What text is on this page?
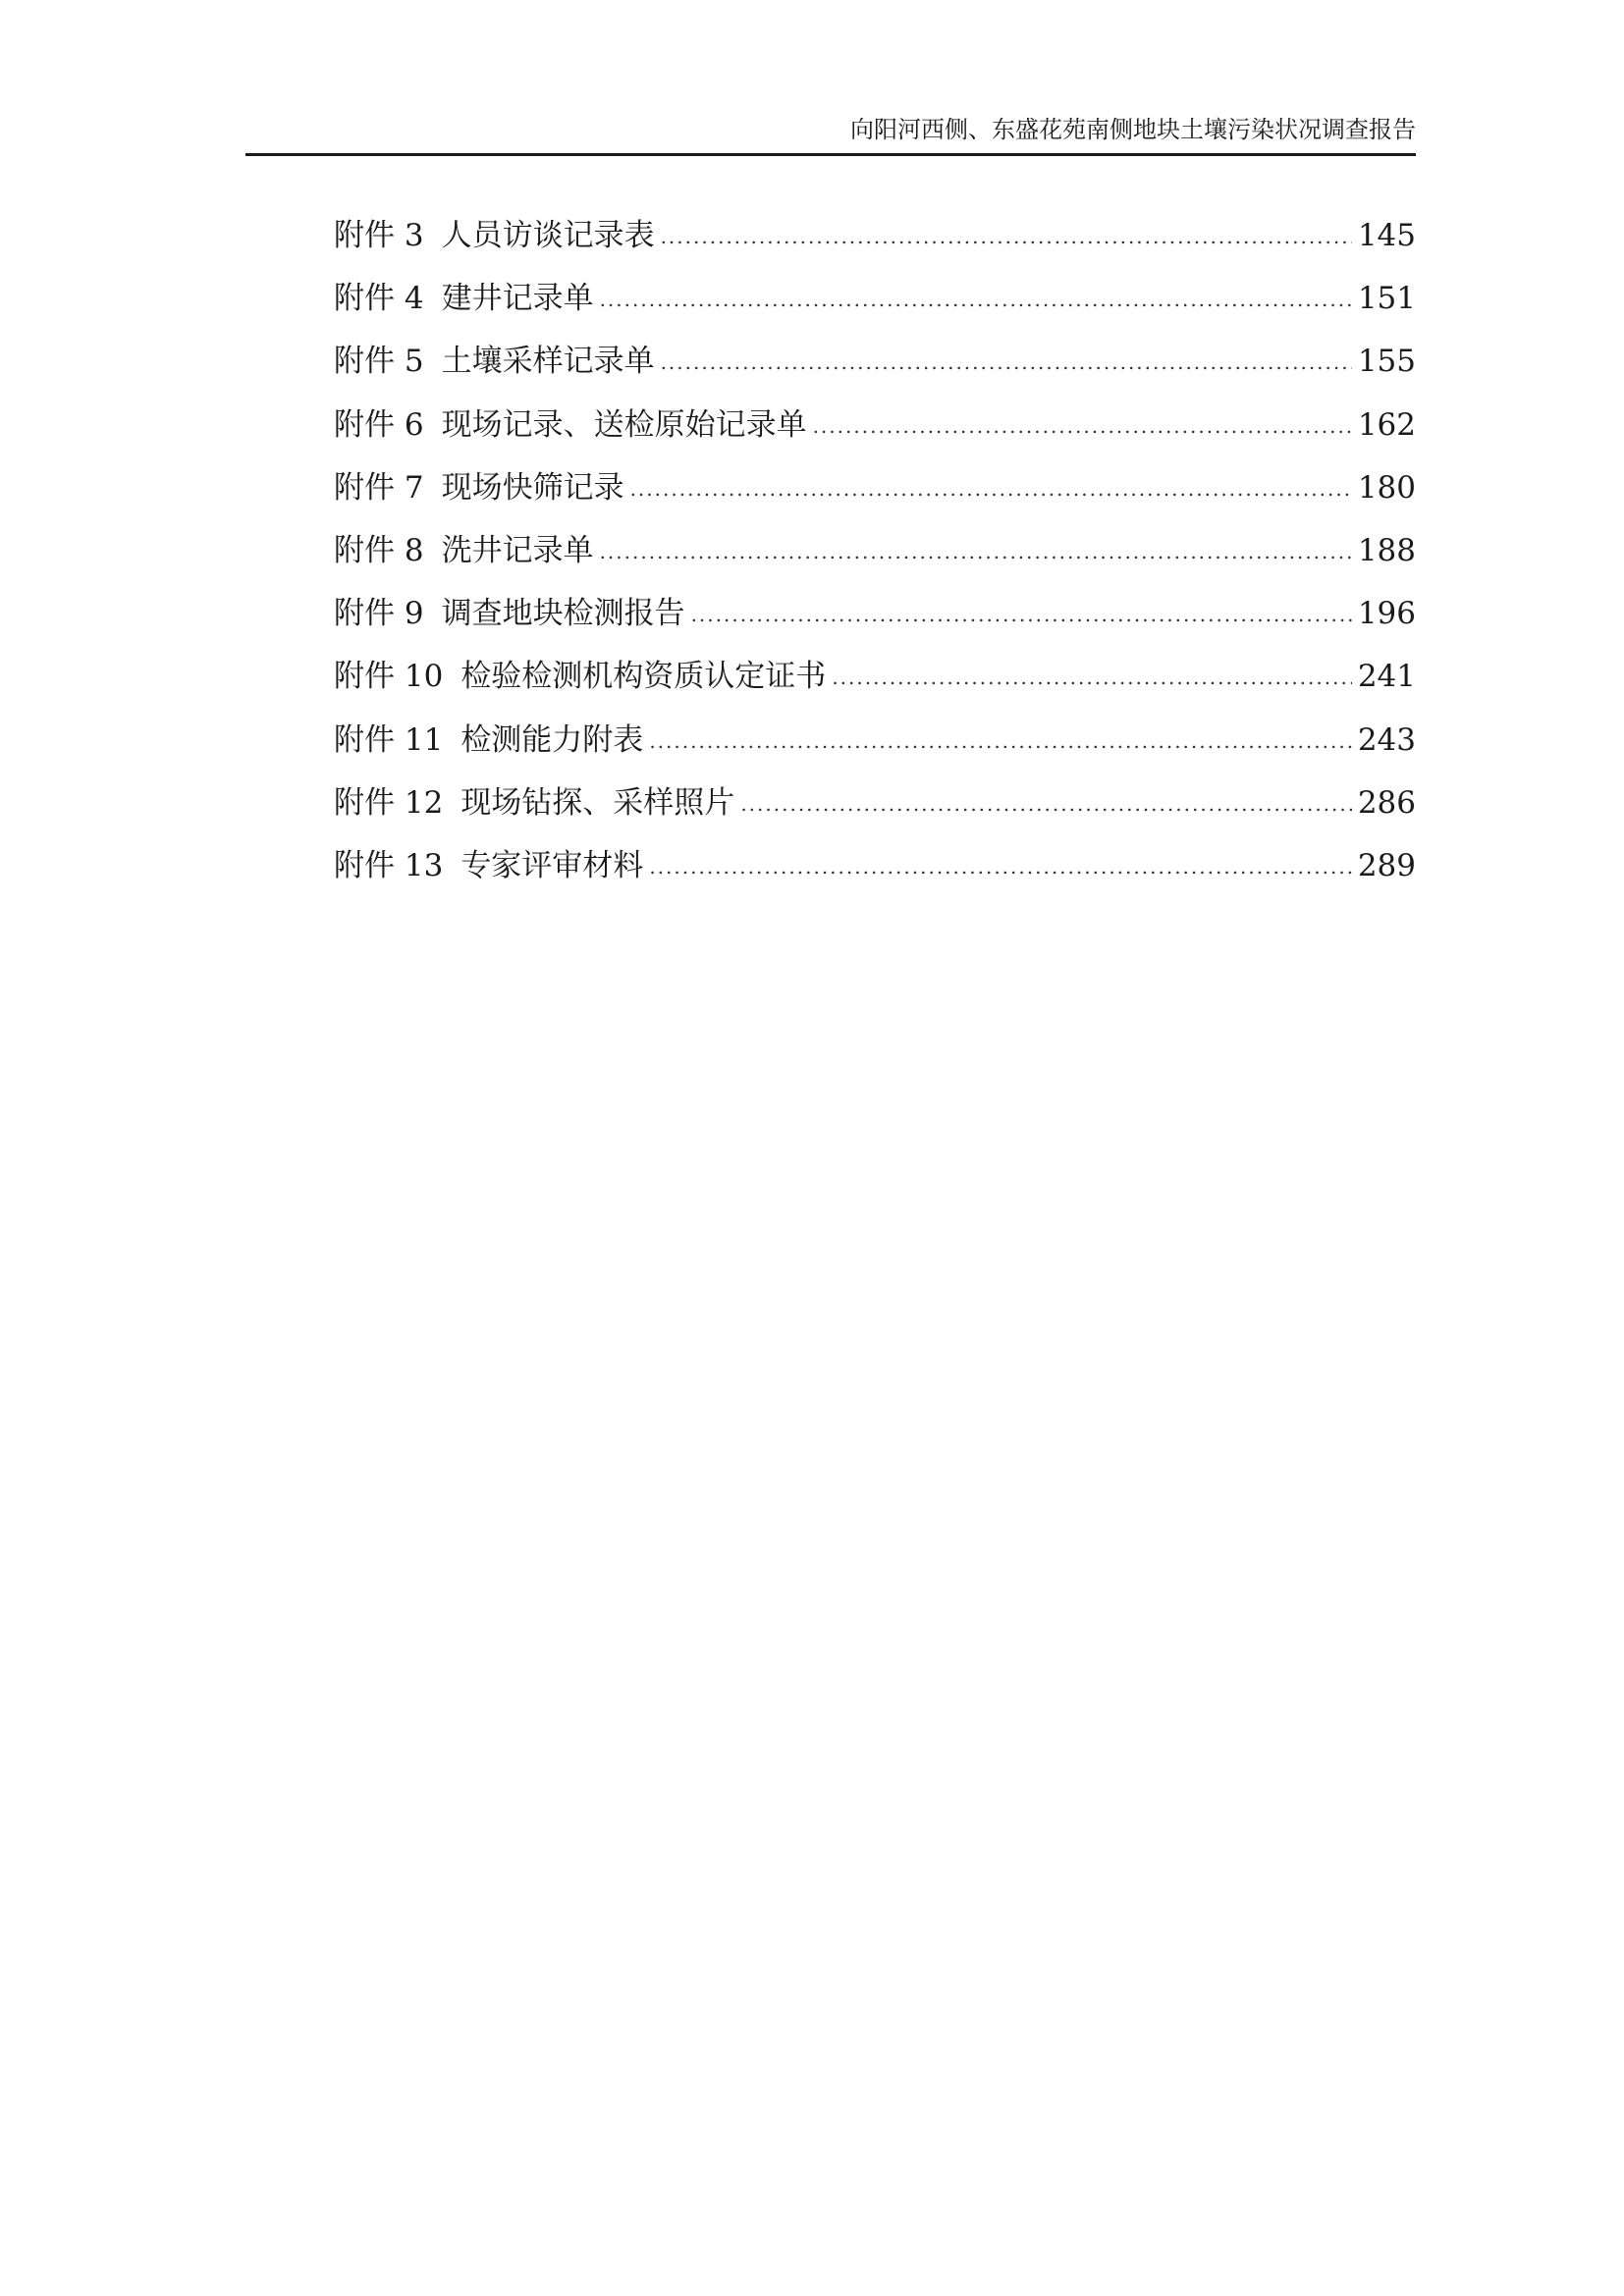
向阳河西侧、东盛花苑南侧地块土壤污染状况调查报告
附件 3 人员访谈记录表 .....	145
附件 4 建井记录单 .....	151
附件 5 土壤采样记录单 .....	155
附件 6 现场记录、送检原始记录单 .....	162
附件 7 现场快筛记录 .....	180
附件 8 洗井记录单 .....	188
附件 9 调查地块检测报告 .....	196
附件 10 检验检测机构资质认定证书 .....	241
附件 11 检测能力附表 .....	243
附件 12 现场钻探、采样照片 .....	286
附件 13 专家评审材料 .....	289
